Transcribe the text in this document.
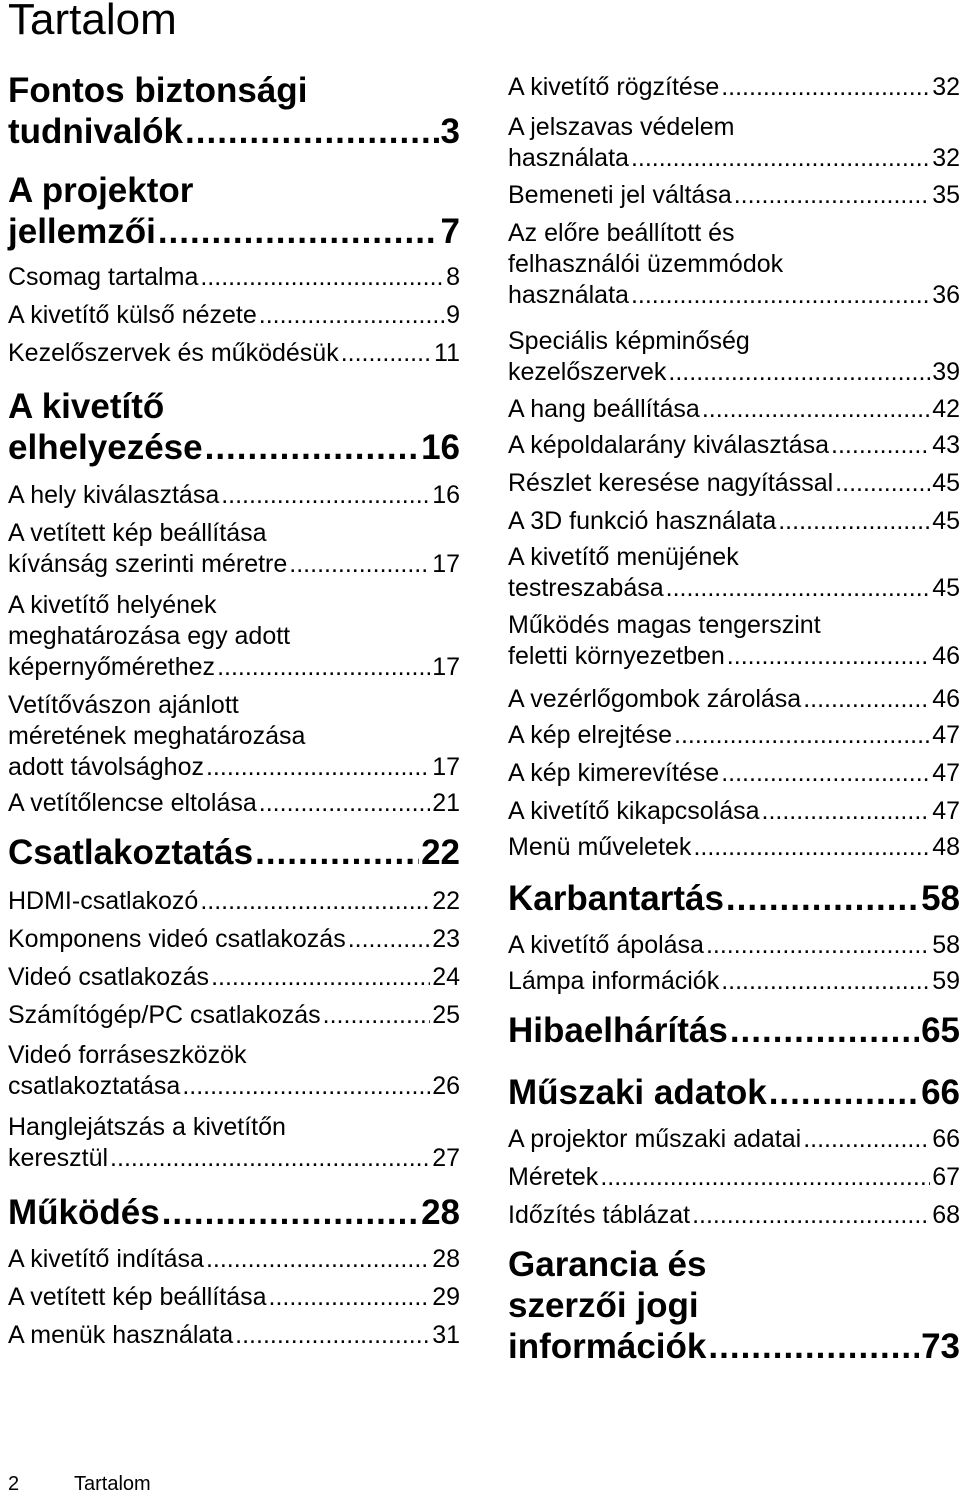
Tartalom
Fontos biztonsági
tudnivalók .....	3
A projektor
jellemzői .....	7
Csomag tartalma .....	8
A kivetítő külső nézete .....	9
Kezelőszervek és működésük .....	11
A kivetítő
elhelyezése .....	16
A hely kiválasztása .....	16
A vetített kép beállítása
kívánság szerinti méretre .....	17
A kivetítő helyének
meghatározása egy adott
képernyőmérethez .....	17
Vetítővászon ajánlott
méretének meghatározása
adott távolsághoz .....	17
A vetítőlencse eltolása .....	21
Csatlakoztatás .....	22
HDMI-csatlakozó .....	22
Komponens videó csatlakozás .....	23
Videó csatlakozás .....	24
Számítógép/PC csatlakozás .....	25
Videó forráseszközök
csatlakoztatása .....	26
Hanglejátszás a kivetítőn
keresztül .....	27
Működés .....	28
A kivetítő indítása .....	28
A vetített kép beállítása .....	29
A menük használata .....	31
A kivetítő rögzítése .....	32
A jelszavas védelem
használata .....	32
Bemeneti jel váltása .....	35
Az előre beállított és
felhasználói üzemmódok
használata .....	36
Speciális képminőség
kezelőszervek .....	39
A hang beállítása .....	42
A képoldalarány kiválasztása .....	43
Részlet keresése nagyítással .....	45
A 3D funkció használata .....	45
A kivetítő menüjének
testreszabása .....	45
Működés magas tengerszint
feletti környezetben .....	46
A vezérlőgombok zárolása .....	46
A kép elrejtése .....	47
A kép kimerevítése .....	47
A kivetítő kikapcsolása .....	47
Menü műveletek .....	48
Karbantartás .....	58
A kivetítő ápolása .....	58
Lámpa információk .....	59
Hibaelhárítás .....	65
Műszaki adatok .....	66
A projektor műszaki adatai .....	66
Méretek .....	67
Időzítés táblázat .....	68
Garancia és
szerzői jogi
információk .....	73
2	Tartalom
